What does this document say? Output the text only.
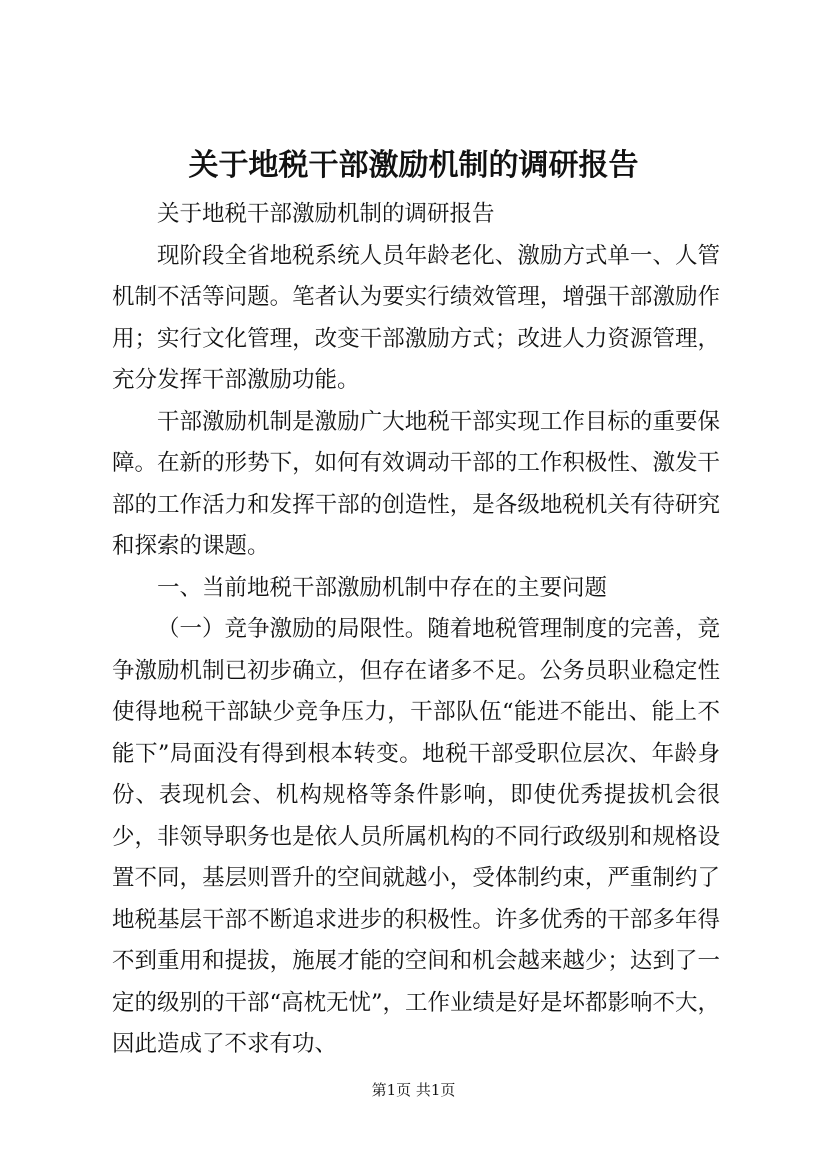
关于地税干部激励机制的调研报告

关于地税干部激励机制的调研报告

现阶段全省地税系统人员年龄老化、激励方式单一、人管机制不活等问题。笔者认为要实行绩效管理，增强干部激励作用；实行文化管理，改变干部激励方式；改进人力资源管理，充分发挥干部激励功能。

干部激励机制是激励广大地税干部实现工作目标的重要保障。在新的形势下，如何有效调动干部的工作积极性、激发干部的工作活力和发挥干部的创造性，是各级地税机关有待研究和探索的课题。

一、当前地税干部激励机制中存在的主要问题

（一）竞争激励的局限性。随着地税管理制度的完善，竞争激励机制已初步确立，但存在诸多不足。公务员职业稳定性使得地税干部缺少竞争压力，干部队伍“能进不能出、能上不能下”局面没有得到根本转变。地税干部受职位层次、年龄身份、表现机会、机构规格等条件影响，即使优秀提拔机会很少，非领导职务也是依人员所属机构的不同行政级别和规格设置不同，基层则晋升的空间就越小，受体制约束，严重制约了地税基层干部不断追求进步的积极性。许多优秀的干部多年得不到重用和提拔，施展才能的空间和机会越来越少；达到了一定的级别的干部“高枕无忧”，工作业绩是好是坏都影响不大，因此造成了不求有功、

第1页 共1页
